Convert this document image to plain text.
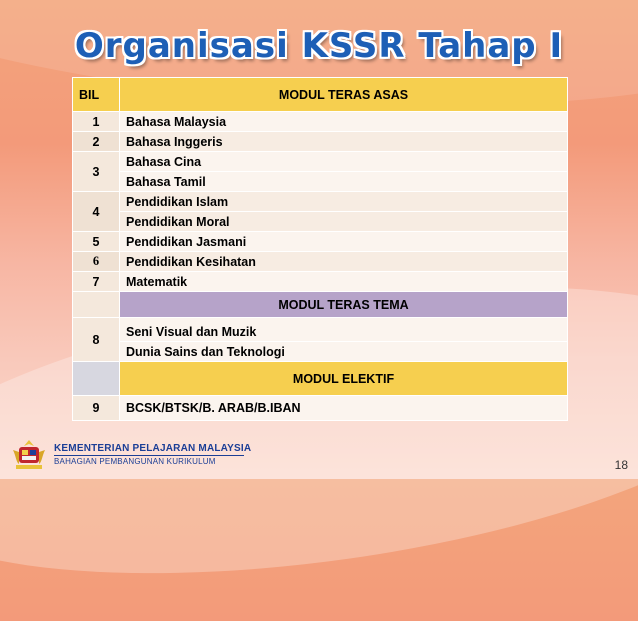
Organisasi KSSR Tahap I
BIL	MODUL TERAS ASAS
1	Bahasa Malaysia
2	Bahasa Inggeris
3	Bahasa Cina
	Bahasa Tamil
4	Pendidikan Islam
	Pendidikan Moral
5	Pendidikan Jasmani
6	Pendidikan Kesihatan
7	Matematik
	MODUL TERAS TEMA
8	Seni Visual dan Muzik
	Dunia Sains dan Teknologi
	MODUL ELEKTIF
9	BCSK/BTSK/B. ARAB/B.IBAN
KEMENTERIAN PELAJARAN MALAYSIA
BAHAGIAN PEMBANGUNAN KURIKULUM	18
